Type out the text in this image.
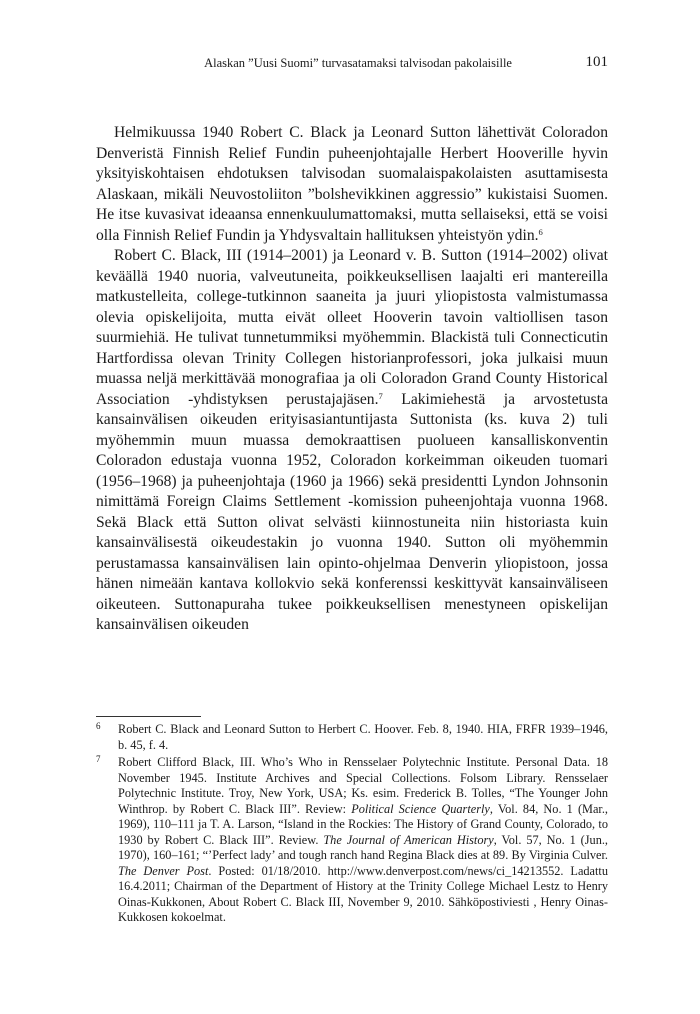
Alaskan ”Uusi Suomi” turvasatamaksi talvisodan pakolaisille	101

Helmikuussa 1940 Robert C. Black ja Leonard Sutton lähettivät Coloradon Denveristä Finnish Relief Fundin puheenjohtajalle Herbert Hooverille hyvin yksityiskohtaisen ehdotuksen talvisodan suomalaispakolaisten asuttamisesta Alaskaan, mikäli Neuvostoliiton ”bolshevikkinen aggressio” kukistaisi Suomen. He itse kuvasivat ideaansa ennenkuulumattomaksi, mutta sellaiseksi, että se voisi olla Finnish Relief Fundin ja Yhdysvaltain hallituksen yhteistyön ydin.$^6$

Robert C. Black, III (1914–2001) ja Leonard v. B. Sutton (1914–2002) olivat keväällä 1940 nuoria, valveutuneita, poikkeuksellisen laajalti eri mantereilla matkustelleita, college-tutkinnon saaneita ja juuri yliopistosta valmistumassa olevia opiskelijoita, mutta eivät olleet Hooverin tavoin valtiollisen tason suurmiehiä. He tulivat tunnetummiksi myöhemmin. Blackistä tuli Connecticutin Hartfordissa olevan Trinity Collegen historianprofessori, joka julkaisi muun muassa neljä merkittävää monografiaa ja oli Coloradon Grand County Historical Association -yhdistyksen perustajajäsen.$^7$ Lakimiehestä ja arvostetusta kansainvälisen oikeuden erityisasiantuntijasta Suttonista (ks. kuva 2) tuli myöhemmin muun muassa demokraattisen puolueen kansalliskonventin Coloradon edustaja vuonna 1952, Coloradon korkeimman oikeuden tuomari (1956–1968) ja puheenjohtaja (1960 ja 1966) sekä presidentti Lyndon Johnsonin nimittämä Foreign Claims Settlement -komission puheenjohtaja vuonna 1968. Sekä Black että Sutton olivat selvästi kiinnostuneita niin historiasta kuin kansainvälisestä oikeudestakin jo vuonna 1940. Sutton oli myöhemmin perustamassa kansainvälisen lain opinto-ohjelmaa Denverin yliopistoon, jossa hänen nimeään kantava kollokvio sekä konferenssi keskittyvät kansainväliseen oikeuteen. Suttonapuraha tukee poikkeuksellisen menestyneen opiskelijan kansainvälisen oikeuden

6 Robert C. Black and Leonard Sutton to Herbert C. Hoover. Feb. 8, 1940. HIA, FRFR 1939–1946, b. 45, f. 4.
7 Robert Clifford Black, III. Who’s Who in Rensselaer Polytechnic Institute. Personal Data. 18 November 1945. Institute Archives and Special Collections. Folsom Library. Rensselaer Polytechnic Institute. Troy, New York, USA; Ks. esim. Frederick B. Tolles, “The Younger John Winthrop. by Robert C. Black III”. Review: Political Science Quarterly, Vol. 84, No. 1 (Mar., 1969), 110–111 ja T. A. Larson, “Island in the Rockies: The History of Grand County, Colorado, to 1930 by Robert C. Black III”. Review. The Journal of American History, Vol. 57, No. 1 (Jun., 1970), 160–161; “’Perfect lady’ and tough ranch hand Regina Black dies at 89. By Virginia Culver. The Denver Post. Posted: 01/18/2010. http://www.denverpost.com/news/ci_14213552. Ladattu 16.4.2011; Chairman of the Department of History at the Trinity College Michael Lestz to Henry Oinas-Kukkonen, About Robert C. Black III, November 9, 2010. Sähköpostiviesti , Henry Oinas-Kukkosen kokoelmat.
